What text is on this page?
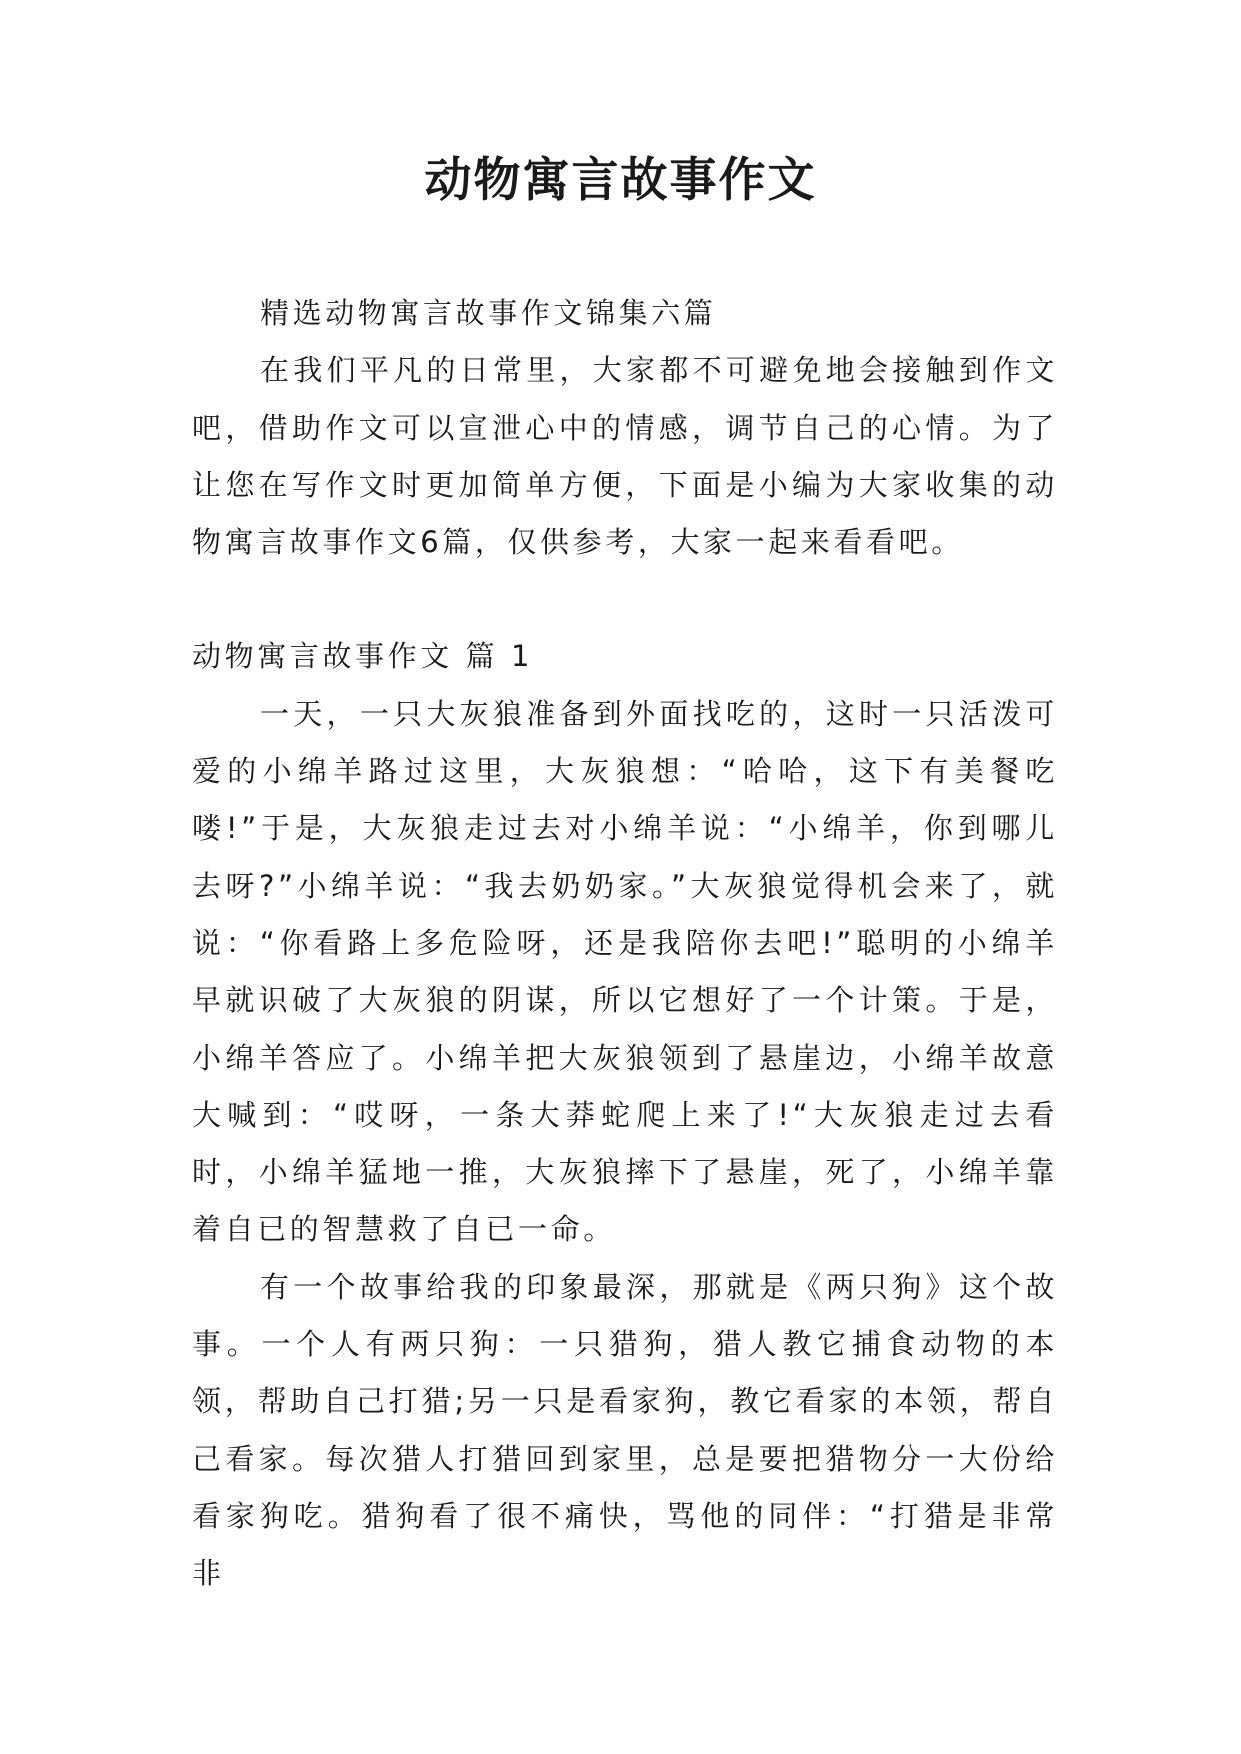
动物寓言故事作文

精选动物寓言故事作文锦集六篇

在我们平凡的日常里，大家都不可避免地会接触到作文吧，借助作文可以宣泄心中的情感，调节自己的心情。为了让您在写作文时更加简单方便，下面是小编为大家收集的动物寓言故事作文6篇，仅供参考，大家一起来看看吧。

动物寓言故事作文 篇 1

一天，一只大灰狼准备到外面找吃的，这时一只活泼可爱的小绵羊路过这里，大灰狼想：“哈哈，这下有美餐吃喽!”于是，大灰狼走过去对小绵羊说：“小绵羊，你到哪儿去呀?”小绵羊说：“我去奶奶家。”大灰狼觉得机会来了，就说：“你看路上多危险呀，还是我陪你去吧!”聪明的小绵羊早就识破了大灰狼的阴谋，所以它想好了一个计策。于是，小绵羊答应了。小绵羊把大灰狼领到了悬崖边，小绵羊故意大喊到：“哎呀，一条大莽蛇爬上来了!“大灰狼走过去看时，小绵羊猛地一推，大灰狼摔下了悬崖，死了，小绵羊靠着自已的智慧救了自已一命。

有一个故事给我的印象最深，那就是《两只狗》这个故事。一个人有两只狗：一只猎狗，猎人教它捕食动物的本领，帮助自己打猎;另一只是看家狗，教它看家的本领，帮自己看家。每次猎人打猎回到家里，总是要把猎物分一大份给看家狗吃。猎狗看了很不痛快，骂他的同伴：“打猎是非常非
